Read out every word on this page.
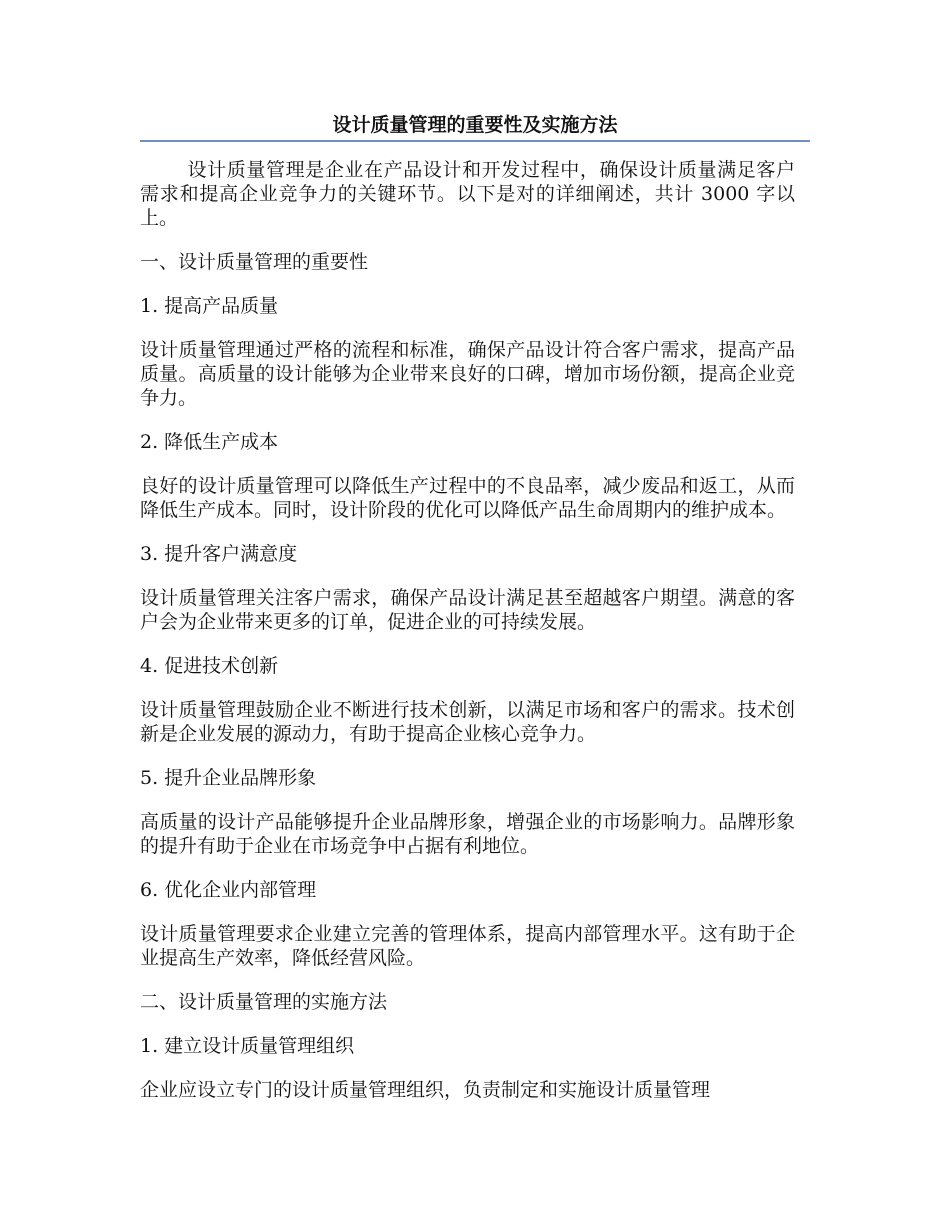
设计质量管理的重要性及实施方法

设计质量管理是企业在产品设计和开发过程中，确保设计质量满足客户需求和提高企业竞争力的关键环节。以下是对的详细阐述，共计 3000 字以上。

一、设计质量管理的重要性

1. 提高产品质量

设计质量管理通过严格的流程和标准，确保产品设计符合客户需求，提高产品质量。高质量的设计能够为企业带来良好的口碑，增加市场份额，提高企业竞争力。

2. 降低生产成本

良好的设计质量管理可以降低生产过程中的不良品率，减少废品和返工，从而降低生产成本。同时，设计阶段的优化可以降低产品生命周期内的维护成本。

3. 提升客户满意度

设计质量管理关注客户需求，确保产品设计满足甚至超越客户期望。满意的客户会为企业带来更多的订单，促进企业的可持续发展。

4. 促进技术创新

设计质量管理鼓励企业不断进行技术创新，以满足市场和客户的需求。技术创新是企业发展的源动力，有助于提高企业核心竞争力。

5. 提升企业品牌形象

高质量的设计产品能够提升企业品牌形象，增强企业的市场影响力。品牌形象的提升有助于企业在市场竞争中占据有利地位。

6. 优化企业内部管理

设计质量管理要求企业建立完善的管理体系，提高内部管理水平。这有助于企业提高生产效率，降低经营风险。

二、设计质量管理的实施方法

1. 建立设计质量管理组织

企业应设立专门的设计质量管理组织，负责制定和实施设计质量管理
